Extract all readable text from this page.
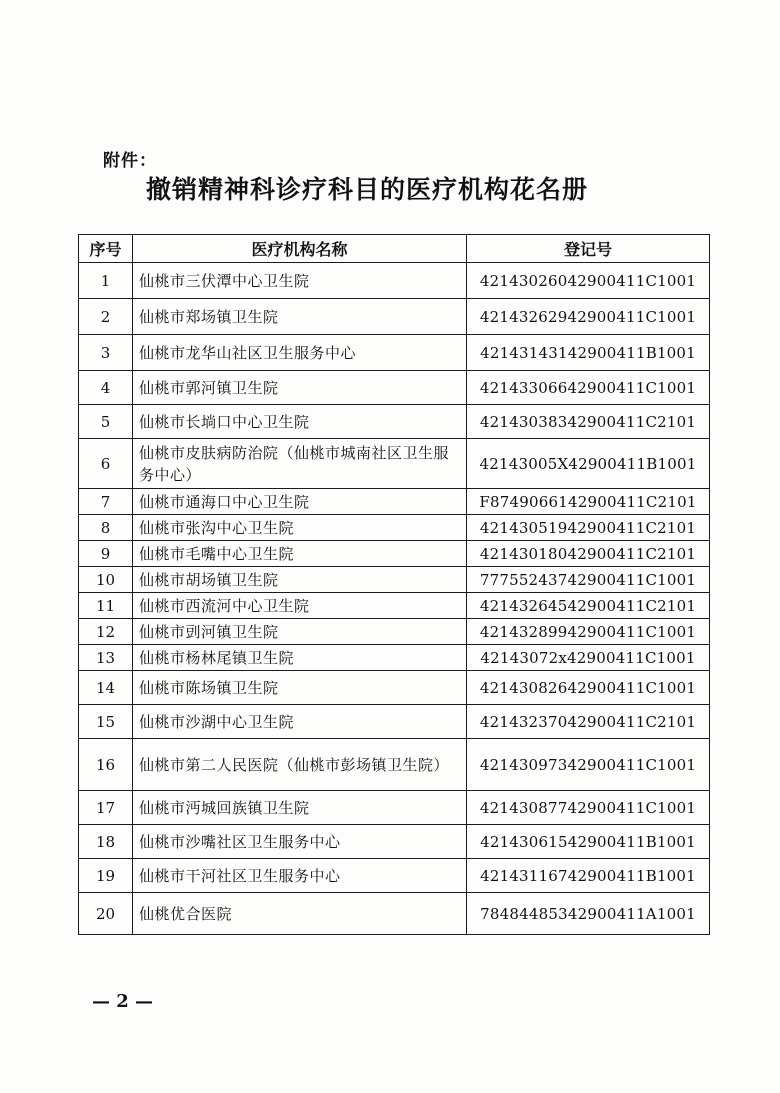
附件：
撤销精神科诊疗科目的医疗机构花名册
序号	医疗机构名称	登记号
1	仙桃市三伏潭中心卫生院	42143026042900411C1001
2	仙桃市郑场镇卫生院	42143262942900411C1001
3	仙桃市龙华山社区卫生服务中心	42143143142900411B1001
4	仙桃市郭河镇卫生院	42143306642900411C1001
5	仙桃市长埫口中心卫生院	42143038342900411C2101
6	仙桃市皮肤病防治院（仙桃市城南社区卫生服务中心）	42143005X42900411B1001
7	仙桃市通海口中心卫生院	F8749066142900411C2101
8	仙桃市张沟中心卫生院	42143051942900411C2101
9	仙桃市毛嘴中心卫生院	42143018042900411C2101
10	仙桃市胡场镇卫生院	77755243742900411C1001
11	仙桃市西流河中心卫生院	42143264542900411C2101
12	仙桃市剅河镇卫生院	42143289942900411C1001
13	仙桃市杨林尾镇卫生院	42143072x42900411C1001
14	仙桃市陈场镇卫生院	42143082642900411C1001
15	仙桃市沙湖中心卫生院	42143237042900411C2101
16	仙桃市第二人民医院（仙桃市彭场镇卫生院）	42143097342900411C1001
17	仙桃市沔城回族镇卫生院	42143087742900411C1001
18	仙桃市沙嘴社区卫生服务中心	42143061542900411B1001
19	仙桃市干河社区卫生服务中心	42143116742900411B1001
20	仙桃优合医院	78484485342900411A1001
— 2 —
